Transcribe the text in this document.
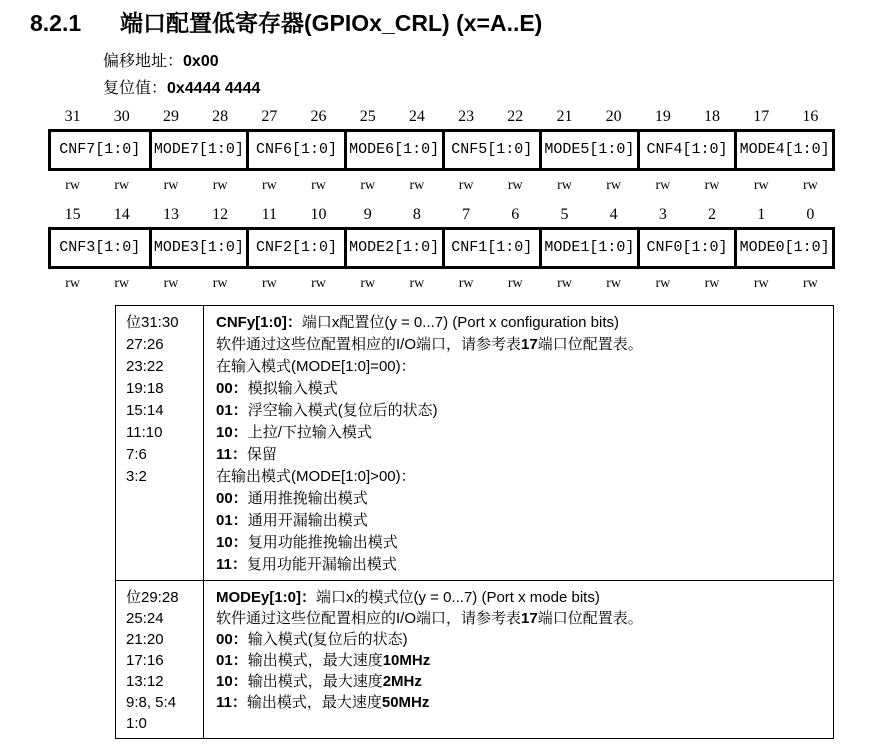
8.2.1	端口配置低寄存器(GPIOx_CRL) (x=A..E)
偏移地址：0x00
复位值：0x4444 4444
31	30	29	28	27	26	25	24	23	22	21	20	19	18	17	16
CNF7[1:0] MODE7[1:0] CNF6[1:0] MODE6[1:0] CNF5[1:0] MODE5[1:0] CNF4[1:0] MODE4[1:0]
rw	rw	rw	rw	rw	rw	rw	rw	rw	rw	rw	rw	rw	rw	rw	rw
15	14	13	12	11	10	9	8	7	6	5	4	3	2	1	0
CNF3[1:0] MODE3[1:0] CNF2[1:0] MODE2[1:0] CNF1[1:0] MODE1[1:0] CNF0[1:0] MODE0[1:0]
rw	rw	rw	rw	rw	rw	rw	rw	rw	rw	rw	rw	rw	rw	rw	rw
位31:30
27:26
23:22
19:18
15:14
11:10
7:6
3:2
CNFy[1:0]：端口x配置位(y = 0...7) (Port x configuration bits)
软件通过这些位配置相应的I/O端口，请参考表17端口位配置表。
在输入模式(MODE[1:0]=00)：
00：模拟输入模式
01：浮空输入模式(复位后的状态)
10：上拉/下拉输入模式
11：保留
在输出模式(MODE[1:0]>00)：
00：通用推挽输出模式
01：通用开漏输出模式
10：复用功能推挽输出模式
11：复用功能开漏输出模式
位29:28
25:24
21:20
17:16
13:12
9:8, 5:4
1:0
MODEy[1:0]：端口x的模式位(y = 0...7) (Port x mode bits)
软件通过这些位配置相应的I/O端口，请参考表17端口位配置表。
00：输入模式(复位后的状态)
01：输出模式，最大速度10MHz
10：输出模式，最大速度2MHz
11：输出模式，最大速度50MHz
